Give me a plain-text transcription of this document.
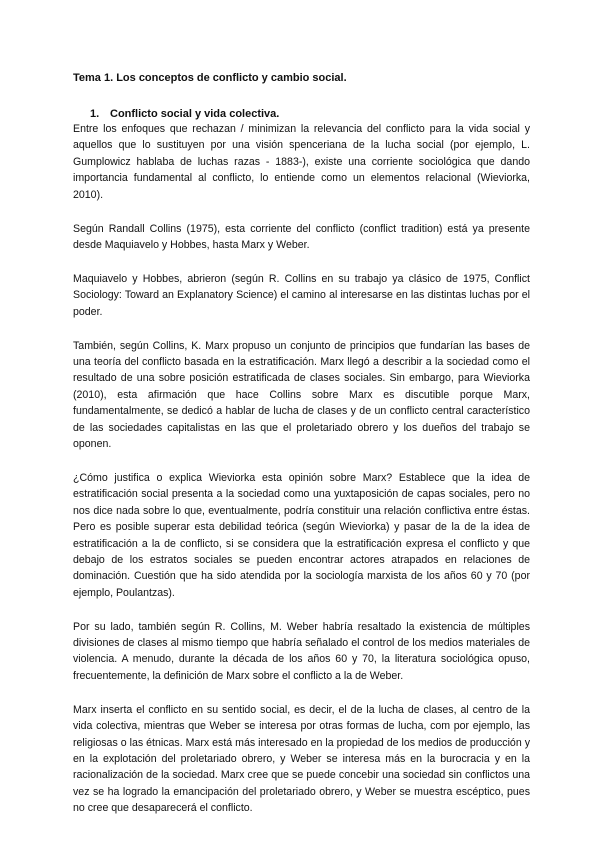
Tema 1. Los conceptos de conflicto y cambio social.
1. Conflicto social y vida colectiva.

Entre los enfoques que rechazan / minimizan la relevancia del conflicto para la vida social y aquellos que lo sustituyen por una visión spenceriana de la lucha social (por ejemplo, L. Gumplowicz hablaba de luchas razas - 1883-), existe una corriente sociológica que dando importancia fundamental al conflicto, lo entiende como un elementos relacional (Wieviorka, 2010).

Según Randall Collins (1975), esta corriente del conflicto (conflict tradition) está ya presente desde Maquiavelo y Hobbes, hasta Marx y Weber.

Maquiavelo y Hobbes, abrieron (según R. Collins en su trabajo ya clásico de 1975, Conflict Sociology: Toward an Explanatory Science) el camino al interesarse en las distintas luchas por el poder.

También, según Collins, K. Marx propuso un conjunto de principios que fundarían las bases de una teoría del conflicto basada en la estratificación. Marx llegó a describir a la sociedad como el resultado de una sobre posición estratificada de clases sociales. Sin embargo, para Wieviorka (2010), esta afirmación que hace Collins sobre Marx es discutible porque Marx, fundamentalmente, se dedicó a hablar de lucha de clases y de un conflicto central característico de las sociedades capitalistas en las que el proletariado obrero y los dueños del trabajo se oponen.

¿Cómo justifica o explica Wieviorka esta opinión sobre Marx? Establece que la idea de estratificación social presenta a la sociedad como una yuxtaposición de capas sociales, pero no nos dice nada sobre lo que, eventualmente, podría constituir una relación conflictiva entre éstas. Pero es posible superar esta debilidad teórica (según Wieviorka) y pasar de la de la idea de estratificación a la de conflicto, si se considera que la estratificación expresa el conflicto y que debajo de los estratos sociales se pueden encontrar actores atrapados en relaciones de dominación. Cuestión que ha sido atendida por la sociología marxista de los años 60 y 70 (por ejemplo, Poulantzas).

Por su lado, también según R. Collins, M. Weber habría resaltado la existencia de múltiples divisiones de clases al mismo tiempo que habría señalado el control de los medios materiales de violencia. A menudo, durante la década de los años 60 y 70, la literatura sociológica opuso, frecuentemente, la definición de Marx sobre el conflicto a la de Weber.

Marx inserta el conflicto en su sentido social, es decir, el de la lucha de clases, al centro de la vida colectiva, mientras que Weber se interesa por otras formas de lucha, com por ejemplo, las religiosas o las étnicas. Marx está más interesado en la propiedad de los medios de producción y en la explotación del proletariado obrero, y Weber se interesa más en la burocracia y en la racionalización de la sociedad. Marx cree que se puede concebir una sociedad sin conflictos una vez se ha logrado la emancipación del proletariado obrero, y Weber se muestra escéptico, pues no cree que desaparecerá el conflicto.
